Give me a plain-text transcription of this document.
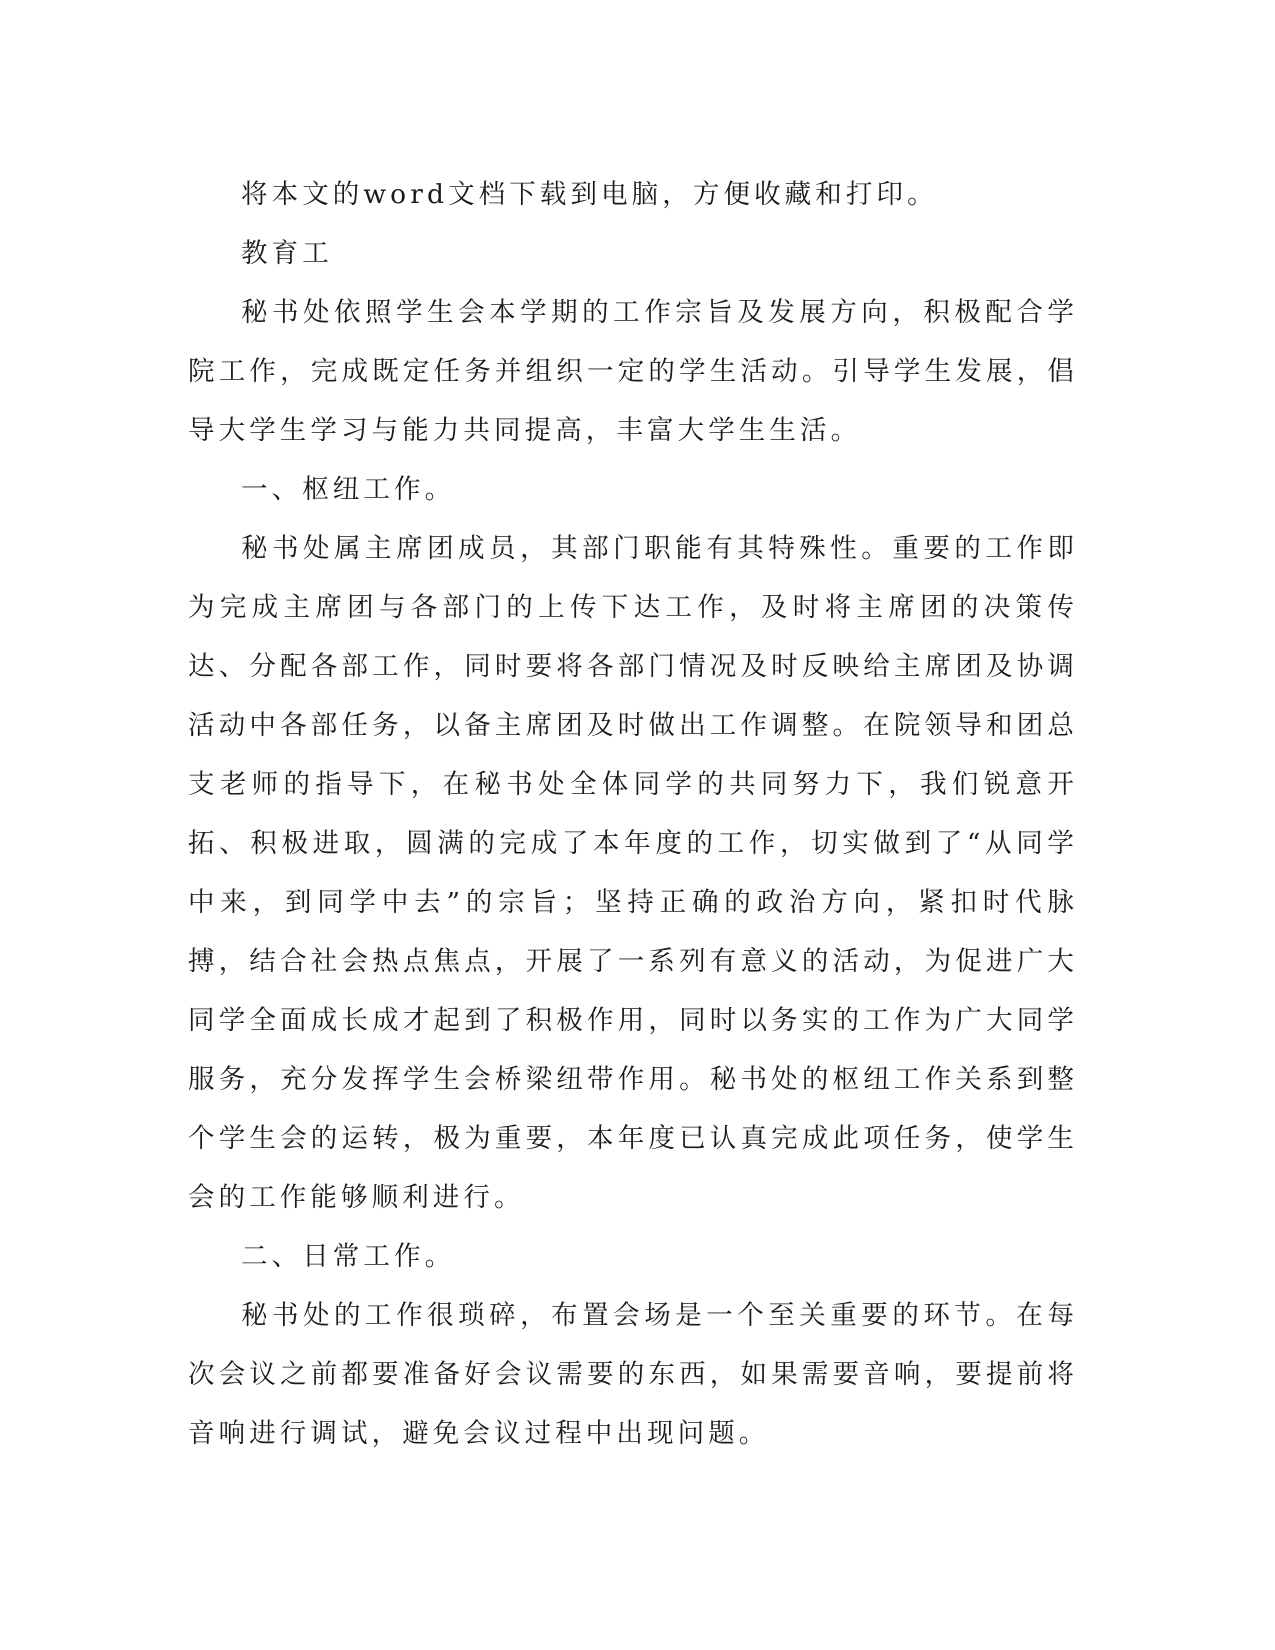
将本文的word文档下载到电脑，方便收藏和打印。

教育工

秘书处依照学生会本学期的工作宗旨及发展方向，积极配合学院工作，完成既定任务并组织一定的学生活动。引导学生发展，倡导大学生学习与能力共同提高，丰富大学生生活。

一、枢纽工作。

秘书处属主席团成员，其部门职能有其特殊性。重要的工作即为完成主席团与各部门的上传下达工作，及时将主席团的决策传达、分配各部工作，同时要将各部门情况及时反映给主席团及协调活动中各部任务，以备主席团及时做出工作调整。在院领导和团总支老师的指导下，在秘书处全体同学的共同努力下，我们锐意开拓、积极进取，圆满的完成了本年度的工作，切实做到了“从同学中来，到同学中去”的宗旨；坚持正确的政治方向，紧扣时代脉搏，结合社会热点焦点，开展了一系列有意义的活动，为促进广大同学全面成长成才起到了积极作用，同时以务实的工作为广大同学服务，充分发挥学生会桥梁纽带作用。秘书处的枢纽工作关系到整个学生会的运转，极为重要，本年度已认真完成此项任务，使学生会的工作能够顺利进行。

二、日常工作。

秘书处的工作很琐碎，布置会场是一个至关重要的环节。在每次会议之前都要准备好会议需要的东西，如果需要音响，要提前将音响进行调试，避免会议过程中出现问题。
